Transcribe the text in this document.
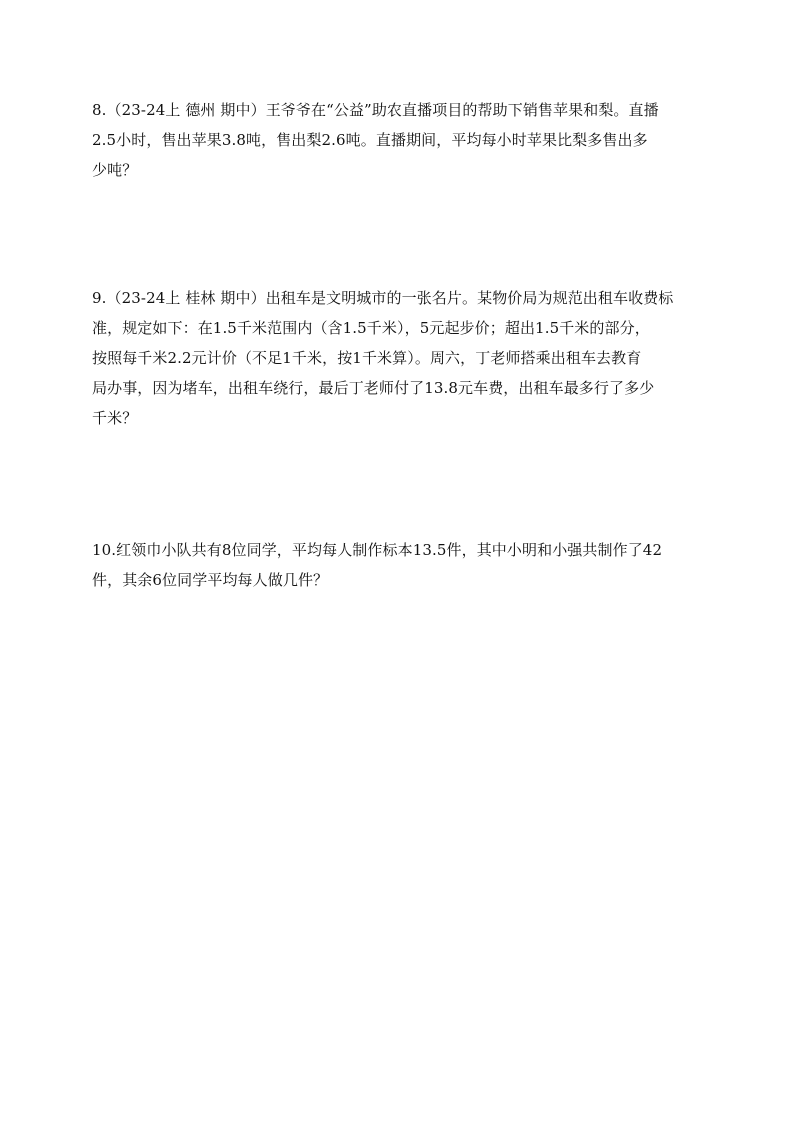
8.（23-24上 德州 期中）王爷爷在“公益”助农直播项目的帮助下销售苹果和梨。直播
2.5小时，售出苹果3.8吨，售出梨2.6吨。直播期间，平均每小时苹果比梨多售出多
少吨？
9.（23-24上 桂林 期中）出租车是文明城市的一张名片。某物价局为规范出租车收费标
准，规定如下：在1.5千米范围内（含1.5千米），5元起步价；超出1.5千米的部分，
按照每千米2.2元计价（不足1千米，按1千米算）。周六，丁老师搭乘出租车去教育
局办事，因为堵车，出租车绕行，最后丁老师付了13.8元车费，出租车最多行了多少
千米？
10.红领巾小队共有8位同学，平均每人制作标本13.5件，其中小明和小强共制作了42
件，其余6位同学平均每人做几件？
